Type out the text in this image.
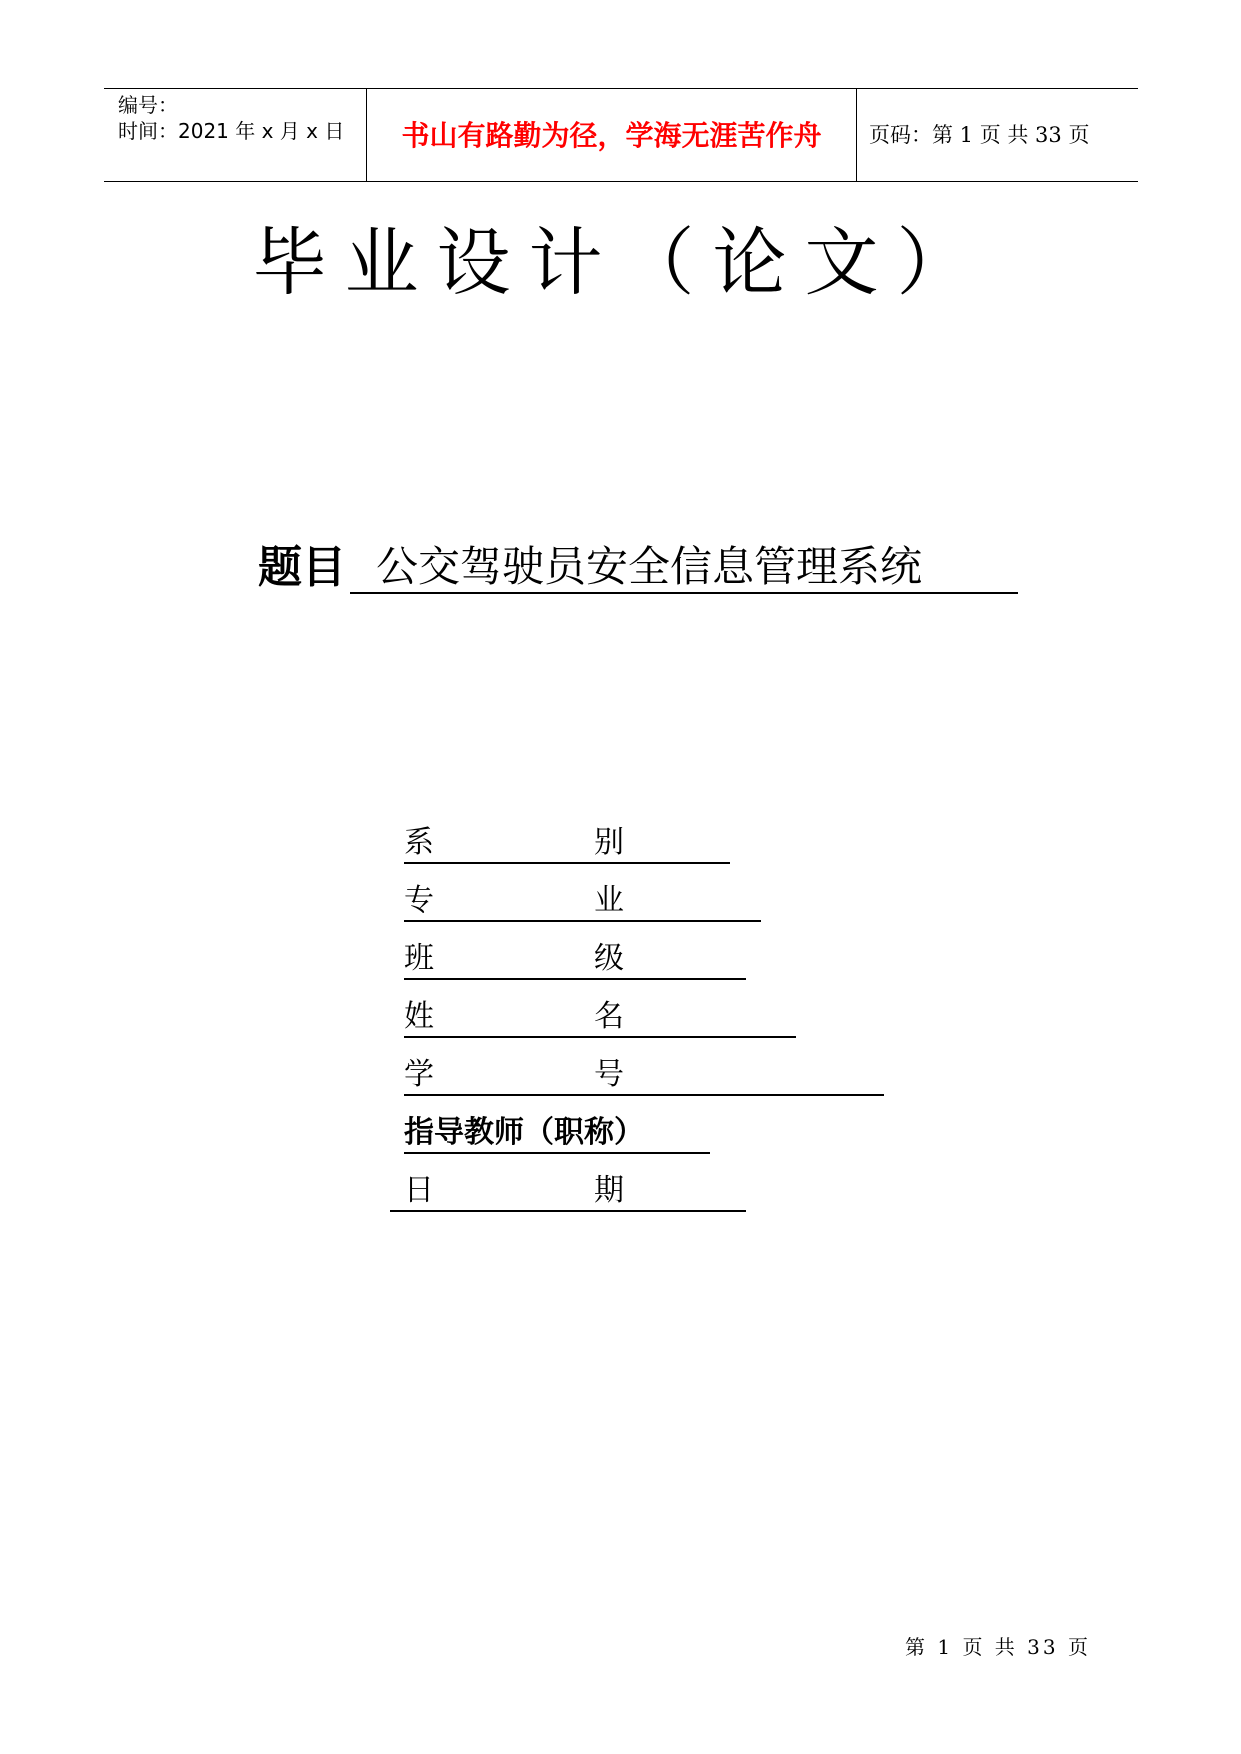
编号：
时间：2021 年 x 月 x 日	书山有路勤为径，学海无涯苦作舟	页码：第 1 页 共 33 页
毕业设计（论文）
题目 公交驾驶员安全信息管理系统
系	别
专	业
班	级
姓	名
学	号
指导教师（职称）
日	期
第 1 页 共 33 页
